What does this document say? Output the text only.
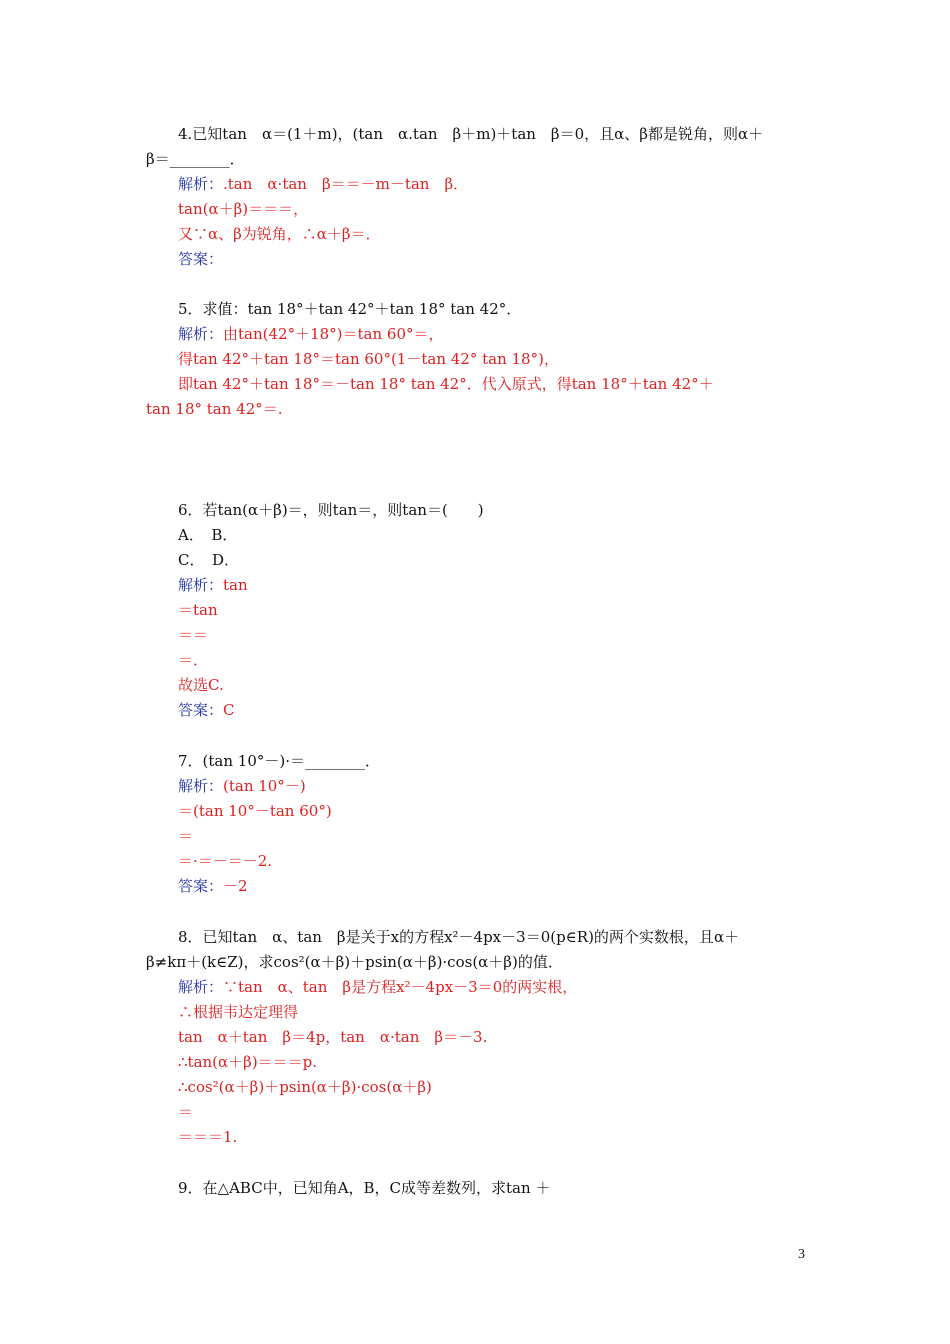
4.已知tan　α＝(1＋m)，(tan　α.tan　β＋m)＋tan　β＝0，且α、β都是锐角，则α＋
β＝________．
解析：.tan　α·tan　β＝＝－m－tan　β．
tan(α＋β)＝＝＝，
又∵α、β为锐角，∴α＋β＝．
答案：
5．求值：tan 18°＋tan 42°＋tan 18° tan 42°．
解析：由tan(42°＋18°)＝tan 60°＝，
得tan 42°＋tan 18°＝tan 60°(1－tan 42° tan 18°)，
即tan 42°＋tan 18°＝－tan 18° tan 42°．代入原式，得tan 18°＋tan 42°＋
tan 18° tan 42°＝.
6．若tan(α＋β)＝，则tan＝，则tan＝(　　)
A．　B．
C．　D．
解析：tan
＝tan
＝＝
＝．
故选C.
答案：C
7．(tan 10°－)·＝________．
解析：(tan 10°－)
＝(tan 10°－tan 60°)
＝
＝·＝－＝－2.
答案：－2
8．已知tan　α、tan　β是关于x的方程x²－4px－3＝0(p∈R)的两个实数根，且α＋
β≠kπ＋(k∈Z)，求cos²(α＋β)＋psin(α＋β)·cos(α＋β)的值．
解析：∵tan　α、tan　β是方程x²－4px－3＝0的两实根，
∴根据韦达定理得
tan　α＋tan　β＝4p，tan　α·tan　β＝－3.
∴tan(α＋β)＝＝＝p.
∴cos²(α＋β)＋psin(α＋β)·cos(α＋β)
＝
＝＝＝1.
9．在△ABC中，已知角A，B，C成等差数列，求tan ＋
3
